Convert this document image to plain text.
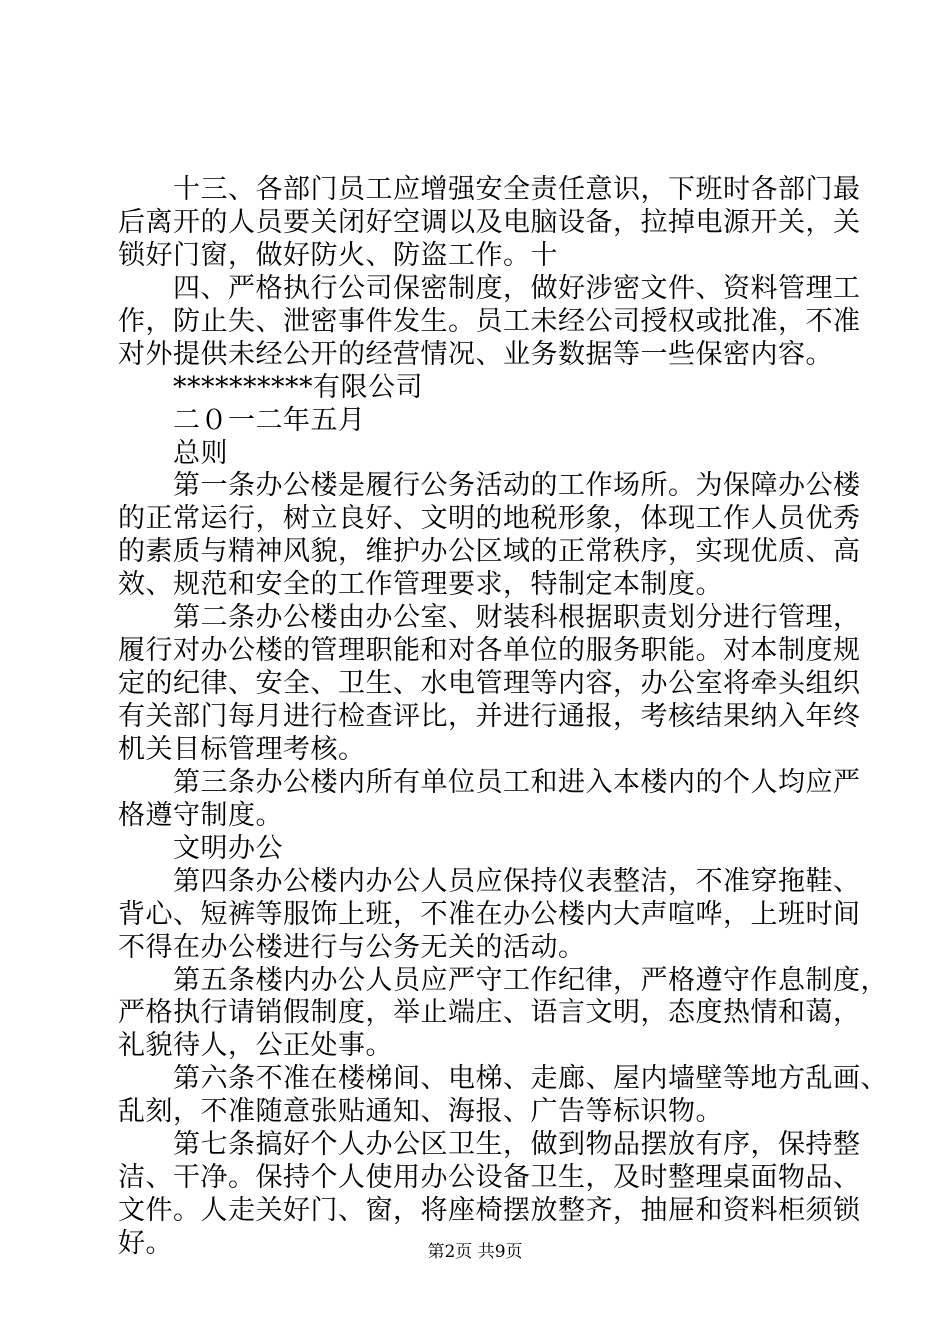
　　十三、各部门员工应增强安全责任意识，下班时各部门最
后离开的人员要关闭好空调以及电脑设备，拉掉电源开关，关
锁好门窗，做好防火、防盗工作。十
　　四、严格执行公司保密制度，做好涉密文件、资料管理工
作，防止失、泄密事件发生。员工未经公司授权或批准，不准
对外提供未经公开的经营情况、业务数据等一些保密内容。
　　**********有限公司
　　二０一二年五月
　　总则
　　第一条办公楼是履行公务活动的工作场所。为保障办公楼
的正常运行，树立良好、文明的地税形象，体现工作人员优秀
的素质与精神风貌，维护办公区域的正常秩序，实现优质、高
效、规范和安全的工作管理要求，特制定本制度。
　　第二条办公楼由办公室、财装科根据职责划分进行管理，
履行对办公楼的管理职能和对各单位的服务职能。对本制度规
定的纪律、安全、卫生、水电管理等内容，办公室将牵头组织
有关部门每月进行检查评比，并进行通报，考核结果纳入年终
机关目标管理考核。
　　第三条办公楼内所有单位员工和进入本楼内的个人均应严
格遵守制度。
　　文明办公
　　第四条办公楼内办公人员应保持仪表整洁，不准穿拖鞋、
背心、短裤等服饰上班，不准在办公楼内大声喧哗，上班时间
不得在办公楼进行与公务无关的活动。
　　第五条楼内办公人员应严守工作纪律，严格遵守作息制度，
严格执行请销假制度，举止端庄、语言文明，态度热情和蔼，
礼貌待人，公正处事。
　　第六条不准在楼梯间、电梯、走廊、屋内墙壁等地方乱画、
乱刻，不准随意张贴通知、海报、广告等标识物。
　　第七条搞好个人办公区卫生，做到物品摆放有序，保持整
洁、干净。保持个人使用办公设备卫生，及时整理桌面物品、
文件。人走关好门、窗，将座椅摆放整齐，抽屉和资料柜须锁
好。	第2页 共9页
